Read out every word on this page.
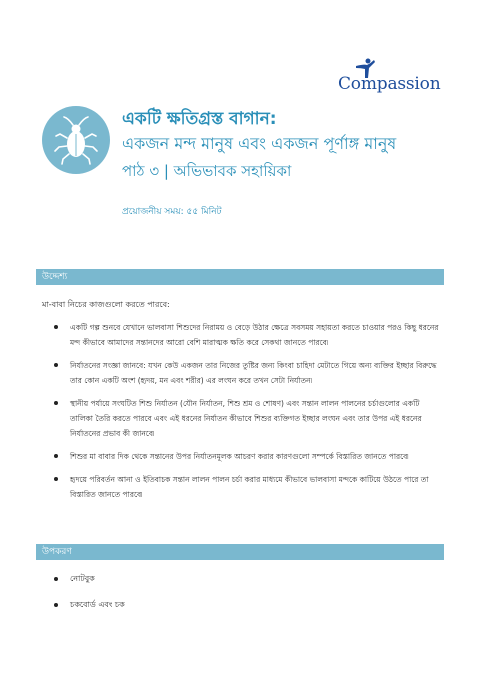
Compassion
একটি ক্ষতিগ্রস্ত বাগান:
একজন মন্দ মানুষ এবং একজন পূর্ণাঙ্গ মানুষ
পাঠ ৩ | অভিভাবক সহায়িকা
প্রয়োজনীয় সময়: ৫৫ মিনিট
উদ্দেশ্য
মা-বাবা নিচের কাজগুলো করতে পারবে:
একটি গল্প শুনবে যেখানে ভালবাসা শিশুদের নিরাময় ও বেড়ে উঠার ক্ষেত্রে সবসময় সহায়তা করতে চাওয়ার পরও কিছু ধরনের মন্দ কীভাবে আমাদের সন্তানদের আরো বেশি মারাত্মক ক্ষতি করে সেকথা জানতে পারবে৷
নির্যাতনের সংজ্ঞা জানবে: যখন কেউ একজন তার নিজের তুষ্টির জন্য কিংবা চাহিদা মেটাতে গিয়ে অন্য ব্যক্তির ইচ্ছার বিরুদ্ধে তার কোন একটি অংশ (হৃদয়, মন এবং শরীর) এর লংঘন করে তখন সেটা নির্যাতন৷
স্থানীয় পর্যায়ে সংঘটিত শিশু নির্যাতন (যৌন নির্যাতন, শিশু শ্রম ও শোষণ) এবং সন্তান লালন পালনের চর্চাগুলোর একটি তালিকা তৈরি করতে পারবে এবং এই ধরনের নির্যাতন কীভাবে শিশুর ব্যক্তিগত ইচ্ছার লংঘন এবং তার উপর এই ধরনের নির্যাতনের প্রভাব কী জানবে৷
শিশুর মা বাবার দিক থেকে সন্তানের উপর নির্যাতনমূলক আচরণ করার কারণগুলো সম্পর্কে বিস্তারিত জানতে পারবে৷
হৃদয়ে পরিবর্তন আনা ও ইতিবাচক সন্তান লালন পালন চর্চা করার মাধ্যমে কীভাবে ভালবাসা মন্দকে কাটিয়ে উঠতে পারে তা বিস্তারিত জানতে পারবে৷
উপকরণ
নোটবুক
চকবোর্ড এবং চক
